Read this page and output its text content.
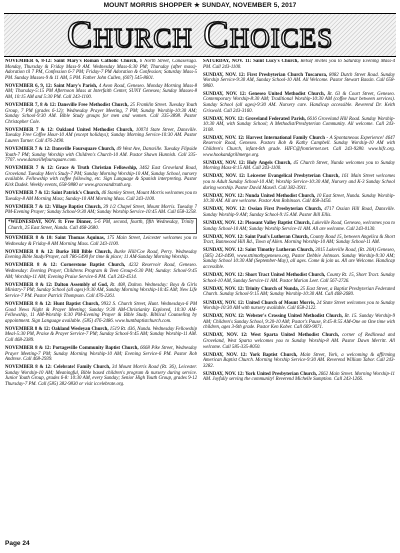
MOUNT MORRIS SHOPPER ★ SUNDAY, NOVEMBER 5, 2017
Church Choices

NOVEMBER 6, 8-12: Saint Mary's Roman Catholic Church, 6 North Street, Canaseraga. Monday, Thursday & Friday Mass-9 AM. Wednesday Mass-6:30 PM; Thursday (after mass)-Adoration til 7 PM, Confession 6-7 PM; Friday-7 PM Adoration & Confession; Saturday Mass-5 PM. Sunday Masses-9 & 11 AM, 5 PM. Father John Cullen, (607) 545-8601.

NOVEMBER 6, 9, 12: Saint Mary's Parish, 4 Avon Road, Geneseo. Monday Morning Mass-8 AM; Thursday-5:15 PM Afternoon Mass at Interfaith Center, SUNY Geneseo; Sunday Masses-8 AM, 10:15 AM and 5:30 PM. Call 243-1100.

NOVEMBER 7, 8 & 12: Dansville Free Methodist Church, 25 Franklin Street. Tuesday Youth Group, 7 PM (grades 6-12); Wednesday Prayer Meeting, 7 PM; Sunday Worship-10:30 AM; Sunday School-9:30 AM. Bible Study groups for men and women. Call 335-3898. Pastor Christopher Cole.

NOVEMBER 7 & 12: Oakland United Methodist Church, 10074 State Street, Dansville. Tuesday Free Coffee Hour-10 AM (except holidays); Sunday Morning Service-10:30 AM. Pastor Lauren Turner. Call 476-2490.

NOVEMBER 7 & 12: Dansville Foursquare Church, 49 West Ave, Dansville. Tuesday Flipside Youth-7 PM; Sunday Worship with Children's Church-10 AM. Pastor Shawn Hunnish. Call 335-7707. www.dansvillefoursquare.com.

NOVEMBER 7 & 12: Grace & Truth Christian Fellowship, 3462 East Groveland Road, Groveland. Tuesday Men's Study-7 PM; Sunday Morning Worship-10 AM, Sunday School, nursery available. Fellowship with coffee following, etc. Sign Language & Spanish interpreting. Pastor Kirk Dudek. Weekly events, 658-9880 or www.graceandtruth.org.

NOVEMBER 7 & 12: Saint Patrick's Church, 46 Stanley Street, Mount Morris welcomes you to Tuesday-8 AM Morning Mass; Sunday-10 AM Morning Mass. Call 243-1100.

NOVEMBER 7 & 12: Village Baptist Church, 39 1/2 Chapel Street, Mount Morris. Tuesday 7 PM-Evening Prayer; Sunday School-9:30 AM; Sunday Worship Service-10:45 AM. Call 658-3258.

*WEDNESDAY, NOV. 8: Free Dinner, 5-6 PM, second, fourth, fifth Wednesday, Trinity Church, 25 East Street, Nunda. Call 468-2680.

NOVEMBER 8 & 10: Saint Thomas Aquinas, 175 Main Street, Leicester welcomes you to Wednesday & Friday-8 AM Morning Mass. Call 243-1100.

NOVEMBER 8 & 12: Burke Hill Bible Church, Burke Hill/Coe Road, Perry. Wednesday Evening Bible Study/Prayer, call 786-5490 for time & place; 11 AM-Sunday Morning Worship.

NOVEMBER 8 & 12: Cornerstone Baptist Church, 4232 Reservoir Road, Geneseo. Wednesday: Evening Prayer, Childrens Program & Teen Group-6:30 PM; Sunday: School-9:45 AM; Worship-11 AM; Evening Praise Service-6 PM. Call 243-4514.

NOVEMBER 8 & 12: Dalton Assembly of God, Rt. 408, Dalton. Wednesday: Boys & Girls Ministry-7 PM; Sunday School (all ages)-9:30 AM, Sunday Morning Worship-10:45 AM; New Life Service-7 PM. Pastor Patrick Thompson. Call 476-2261.

NOVEMBER 8 & 12: Hunt Baptist Church, 9932 S. Church Street, Hunt. Wednesdays-6 PM Good News Night & Prayer Meeting; Sunday 9:30 AM-Christianity Explored, 10:30 AM-Fellowship, 11 AM-Worship 6:30 PM-Evening Prayer & Bible Study. Biblical Counseling by appointment. Sign Language available. (585) 476-2486. www.huntbaptistchurch.com.

NOVEMBER 8 & 12: Oakland Wesleyan Church, 1519 Rt. 436, Nunda. Wednesday Fellowship Meal-5:30 PM, Praise & Prayer Service-7 PM; Sunday School-9:45 AM; Sunday Worship-11 AM. Call 468-2389.

NOVEMBER 8 & 12: Portageville Community Baptist Church, 6668 Pike Street, Wednesday Prayer Meeting-7 PM; Sunday Morning Worship-10 AM; Evening Service-6 PM. Pastor Rob Andrese. Call 468-2939.

NOVEMBER 8 & 12: Celebrate! Family Church, 34 Mount Morris Road (Rt. 36), Leicester. Sunday Worship-10 AM; Meaningful, Bible based children's program & nursery during service. Junior Youth Group, grades 6-8: 10:30 AM, every Sunday; Senior High Youth Group, grades 9-12 Thursday-7 PM. Call (585) 382-9830 or visit iccelebrate.org.

SATURDAY, NOV. 11: Saint Lucy's Church, Retsof invites you to Saturday Evening Mass-4 PM. Call 243-1100.

SUNDAY, NOV. 12: First Presbyterian Church Tuscarora, 8082 Dutch Street Road. Sunday Worship Service-9:30 AM, Sunday School-10 AM. All Welcome. Pastor Stewart Bassin. Call 658-9860.

SUNDAY, NOV. 12: Geneseo United Methodist Church, Rt. 63 & Court Street, Geneseo. Contemporary Worship-8:30 AM; Traditional Worship-10:30 AM (coffee hour between services). Sunday School (all ages)-9:30 AM. Nursery care. Handicap accessible. Reverend Dr. Keith Griswold. Call 243-3160.

SUNDAY, NOV. 12: Groveland Federated Parish, 6616 Groveland Hill Road. Sunday Worship-10:30 AM, with Sunday School; A Methodist/Presbyterian Community. All welcome. Call 243-3108.

SUNDAY, NOV. 12: Harvest International Family Church - A Spontaneous Experience! 4647 Reservoir Road, Geneseo. Pastors Bob & Kathy Campbell. Sunday Worship-10 AM with Children's Church, infant-6th grade. HIFC@frontiernet.net. Call 243-9280. www.hifc.org. www.hookandgrillmerge.org.

SUNDAY, NOV. 12: Holy Angels Church, 45 Church Street, Nunda welcomes you to Sunday Morning Mass-8:15 AM. Call 243-1100.

SUNDAY, NOV. 12: Leicester Evangelical Presbyterian Church, 161 Main Street welcomes you to Adult Sunday School-10 AM; Worship Service-10:30 AM, Nursery and K-3 Sunday School during worship. Pastor David Maxell. Call 382-3911.

SUNDAY, NOV. 12: Nunda United Methodist Church, 10 East Street, Nunda. Sunday Worship-10:30 AM. All are welcome. Pastor Ann Robinson. Call 468-3456.

SUNDAY, NOV. 12: Ossian First Presbyterian Church, 4717 Ossian Hill Road, Dansville. Sunday Worship-9 AM; Sunday School-9:15 AM. Pastor Bill Ellis.

SUNDAY, NOV. 12: Pleasant Valley Baptist Church, Lakeville Road, Geneseo, welcomes you to Sunday School-10 AM; Sunday Worship Service-11 AM. All are welcome. Call 243-0130.

SUNDAY, NOV. 12: Saint Paul's Lutheran Church, County Road 15, between Angelica & Short Tract, Bunnwood Hill Rd., Town of Allen. Morning Worship-10 AM; Sunday School-11 AM.

SUNDAY, NOV. 12: Saint Timothy Lutheran Church, 3015 Lakeville Road, (Rt. 20A) Geneseo, (585) 243-4490, www.sttimothygeneseo.org, Pastor Debbie Johnson. Sunday Worship-9:30 AM; Sunday School 10:30 AM (September-May), all ages. Come & join us. All are Welcome. Handicap accessible.

SUNDAY, NOV. 12: Short Tract United Methodist Church, County Rt. 15, Short Tract. Sunday School-10 AM, Sunday Service-11 AM. Pastor Marian Leet. Call 567-2726.

SUNDAY, NOV. 12: Trinity Church of Nunda, 25 East Street, a Baptist Presbyterian Federated Church. Sunday School-9:15 AM; Sunday Worship-10:30 AM. Call 468-2680.

SUNDAY, NOV. 12: United Church of Mount Morris, 24 State Street welcomes you to Sunday Worship-10:30 AM with nursery available. Call 658-2122.

SUNDAY, NOV. 12: Webster's Crossing United Methodist Church, Rt. 15. Sunday Worship-9 AM; Children's Sunday School, 9:20-10 AM; Pastor's Pause, 8:45-8:55 AM-One on One time with children, ages 3-6th grade. Pastor Ken Kober. Call 669-9071.

SUNDAY, NOV. 12: West Sparta United Methodist Church, corner of Redlinead and Groveland, West Sparta welcomes you to Sunday Worship-8 AM. Pastor Dawn Merritt. All welcome. Call 585-335-8050.

SUNDAY, NOV. 12: York Baptist Church, Main Street, York, a welcoming & affirming American Baptist Church. Morning Worship Service-9:30 AM. Reverend William Tabor. Call 243-3282.

SUNDAY, NOV. 12: York United Presbyterian Church, 2662 Main Street. Morning Worship-11 AM. Joyfully serving the community! Reverend Michelle Sumption. Call 243-1266.

Page 24
